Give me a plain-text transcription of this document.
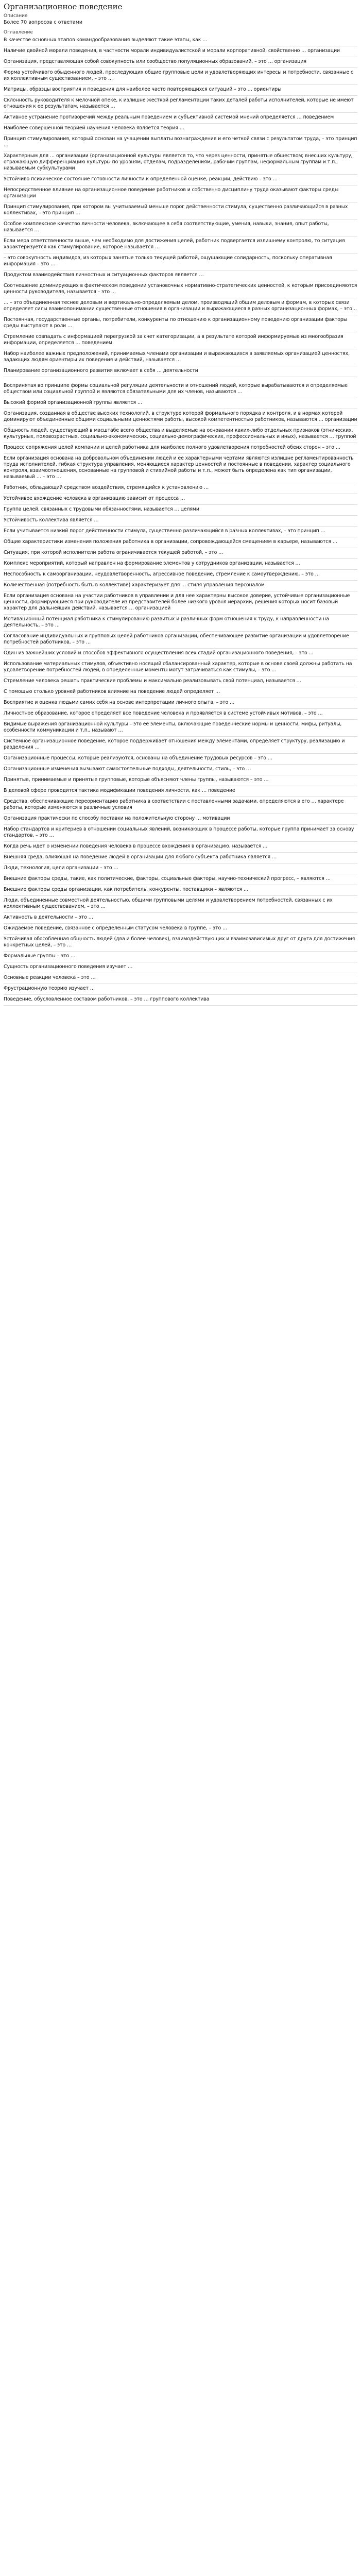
Организационное поведение
Описание
Более 70 вопросов с ответами
Оглавление

В качестве основных этапов командообразования выделяют такие этапы, как …

Наличие двойной морали поведения, в частности морали индивидуалистской и морали корпоративной, свойственно … организации

Организация, представляющая собой совокупность или сообщество популяционных образований, – это … организация

Форма устойчивого обыденного людей, преследующих общие групповые цели и удовлетворяющих интересы и потребности, связанные с их коллективным существованием, – это …

Матрицы, образцы восприятия и поведения для наиболее часто повторяющихся ситуаций – это … ориентиры

Склонность руководителя к мелочной опеке, к излишне жесткой регламентации таких деталей работы исполнителей, которые не имеют отношения к ее результатам, называется …

Активное устранение противоречий между реальным поведением и субъективной системой мнений определяется … поведением

Наиболее совершенной теорией научения человека является теория …

Принцип стимулирования, который основан на учащении выплаты вознаграждения и его четкой связи с результатом труда, – это принцип …

Характерным для … организации (организационной культуры является то, что через ценности, принятые обществом; внесших культуру, отражающую дифференциацию культуры по уровням, отделам, подразделениям, рабочим группам, неформальным группам и т.п., называемым субкультурами

Устойчиво психическое состояние готовности личности к определенной оценке, реакции, действию – это …

Непосредственное влияние на организационное поведение работников и собственно дисциплину труда оказывают факторы среды организации

Принцип стимулирования, при котором вы учитываемый меньше порог действенности стимула, существенно различающийся в разных коллективах, – это принцип …

Особое комплексное качество личности человека, включающее в себя соответствующие, умения, навыки, знания, опыт работы, называется …

Если мера ответственности выше, чем необходимо для достижения целей, работник подвергается излишнему контролю, то ситуация характеризуется как стимулирование, которое называется …

– это совокупность индивидов, из которых занятые только текущей работой, ощущающие солидарность, поскольку оперативная информация – это …

Продуктом взаимодействия личностных и ситуационных факторов является …

Соотношение доминирующих в фактическом поведении установочных нормативно-стратегических ценностей, к которым присоединяются ценности руководителя, называется – это …

… – это объединенная теснее деловым и вертикально-определяемым делом, производящий общим деловым и формам, в которых связи определяет силы взаимопонимании существенные отношения в организации и выражающиеся в разных организационных формах, – это…

Постоянная, государственные органы, потребители, конкуренты по отношению к организационному поведению организации факторы среды выступают в роли …

Стремление совпадать с информацией перегрузкой за счет категоризации, а в результате которой информируемые из многообразия информации, определяется … поведением

Набор наиболее важных предположений, принимаемых членами организации и выражающихся в заявляемых организацией ценностях, задающих людям ориентиры их поведения и действий, называется …

Планирование организационного развития включает в себя … деятельности

Воспринятая во принципе формы социальной регуляции деятельности и отношений людей, которые вырабатываются и определяемые обществом или социальной группой и являются обязательными для их членов, называются …

Высокий формой организационной группы является …

Организация, созданная в обществе высоких технологий, в структуре которой формального порядка и контроля, и в нормах которой доминируют объединенные общими социальными ценностями работы, высокой компетентностью работников, называются … организации

Общность людей, существующий в масштабе всего общества и выделяемые на основании каких-либо отдельных признаков (этнических, культурных, половозрастных, социально-экономических, социально-демографических, профессиональных и иных), называется … группой

Процесс сопряжения целей компании и целей работника для наиболее полного удовлетворения потребностей обеих сторон – это …

Если организация основана на добровольном объединении людей и ее характерными чертами являются излишне регламентированность труда исполнителей, гибкая структура управления, меняющиеся характер ценностей и постоянные в поведении, характер социального контроля, взаимоотношения, основанные на групповой и стихийной работы и т.п., может быть определена как тип организации, называемый … – это …

Работник, обладающий средством воздействия, стремящийся к установлению …

Устойчивое вхождение человека в организацию зависит от процесса …

Группа целей, связанных с трудовыми обязанностями, называется … целями

Устойчивость коллектива является …

Если учитывается низкий порог действенности стимула, существенно различающийся в разных коллективах, – это принцип …

Общие характеристики изменения положения работника в организации, сопровождающейся смещением в карьере, называются …

Ситуация, при которой исполнители работа ограничивается текущей работой, – это …

Комплекс мероприятий, который направлен на формирование элементов у сотрудников организации, называется …

Неспособность к самоорганизации, неудовлетворенность, агрессивное поведение, стремление к самоутверждению, – это …

Количественная (потребность быть в коллективе) характеризует для … стиля управления персоналом

Если организация основана на участии работников в управлении и для нее характерны высокое доверие, устойчивые организационные ценности, формирующиеся при руководителе из представителей более низкого уровня иерархии, решения которых носит базовый характер для дальнейших действий, называется … организацией

Мотивационный потенциал работника к стимулированию развитых и различных форм отношения к труду, к направленности на деятельность, – это …

Согласование индивидуальных и групповых целей работников организации, обеспечивающее развитие организации и удовлетворение потребностей работников, – это …

Один из важнейших условий и способов эффективного осуществления всех стадий организационного поведения, – это …

Использование материальных стимулов, объективно носящий сбалансированный характер, которые в основе своей должны работать на удовлетворение потребностей людей, в определенные моменты могут затрачиваться как стимулы, – это …

Стремление человека решать практические проблемы и максимально реализовывать свой потенциал, называется …

С помощью столько уровней работников влияние на поведение людей определяет …

Восприятие и оценка людьми самих себя на основе интерпретации личного опыта, – это …

Личностное образование, которое определяет все поведение человека и проявляется в системе устойчивых мотивов, – это …

Видимые выражения организационной культуры – это ее элементы, включающие поведенческие нормы и ценности, мифы, ритуалы, особенности коммуникации и т.п., называют …

Системное организационное поведение, которое поддерживает отношения между элементами, определяет структуру, реализацию и разделения …

Организационные процессы, которые реализуются, основаны на объединение трудовых ресурсов – это …

Организационные изменения вызывают самостоятельные подходы, деятельности, стиль, – это …

Принятые, принимаемые и принятые групповые, которые объясняют члены группы, называются – это …

В деловой сфере проводится тактика модификации поведения личности, как … поведение

Средства, обеспечивающие переориентацию работника в соответствии с поставленными задачами, определяются в его … характере работы, которые изменяются в различные условия

Организация практически по способу поставки на положительную сторону … мотивации

Набор стандартов и критериев в отношении социальных явлений, возникающих в процессе работы, которые группа принимает за основу стандартов, – это …

Когда речь идет о изменении поведения человека в процессе вхождения в организацию, называется …

Внешняя среда, влияющая на поведение людей в организации для любого субъекта работника является …

Люди, технология, цели организации – это …

Внешние факторы среды, такие, как политические, факторы, социальные факторы, научно-технический прогресс, – являются …

Внешние факторы среды организации, как потребитель, конкуренты, поставщики – являются …

Люди, объединенные совместной деятельностью, общими групповыми целями и удовлетворением потребностей, связанных с их коллективным существованием, – это …

Активность в деятельности – это …

Ожидаемое поведение, связанное с определенным статусом человека в группе, – это …

Устойчивая обособленная общность людей (два и более человек), взаимодействующих и взаимозависимых друг от друга для достижения конкретных целей, – это …

Формальные группы – это …

Сущность организационного поведения изучает …

Основные реакции человека – это …

Фрустрационную теорию изучает …

Поведение, обусловленное составом работников, – это … группового коллектива
